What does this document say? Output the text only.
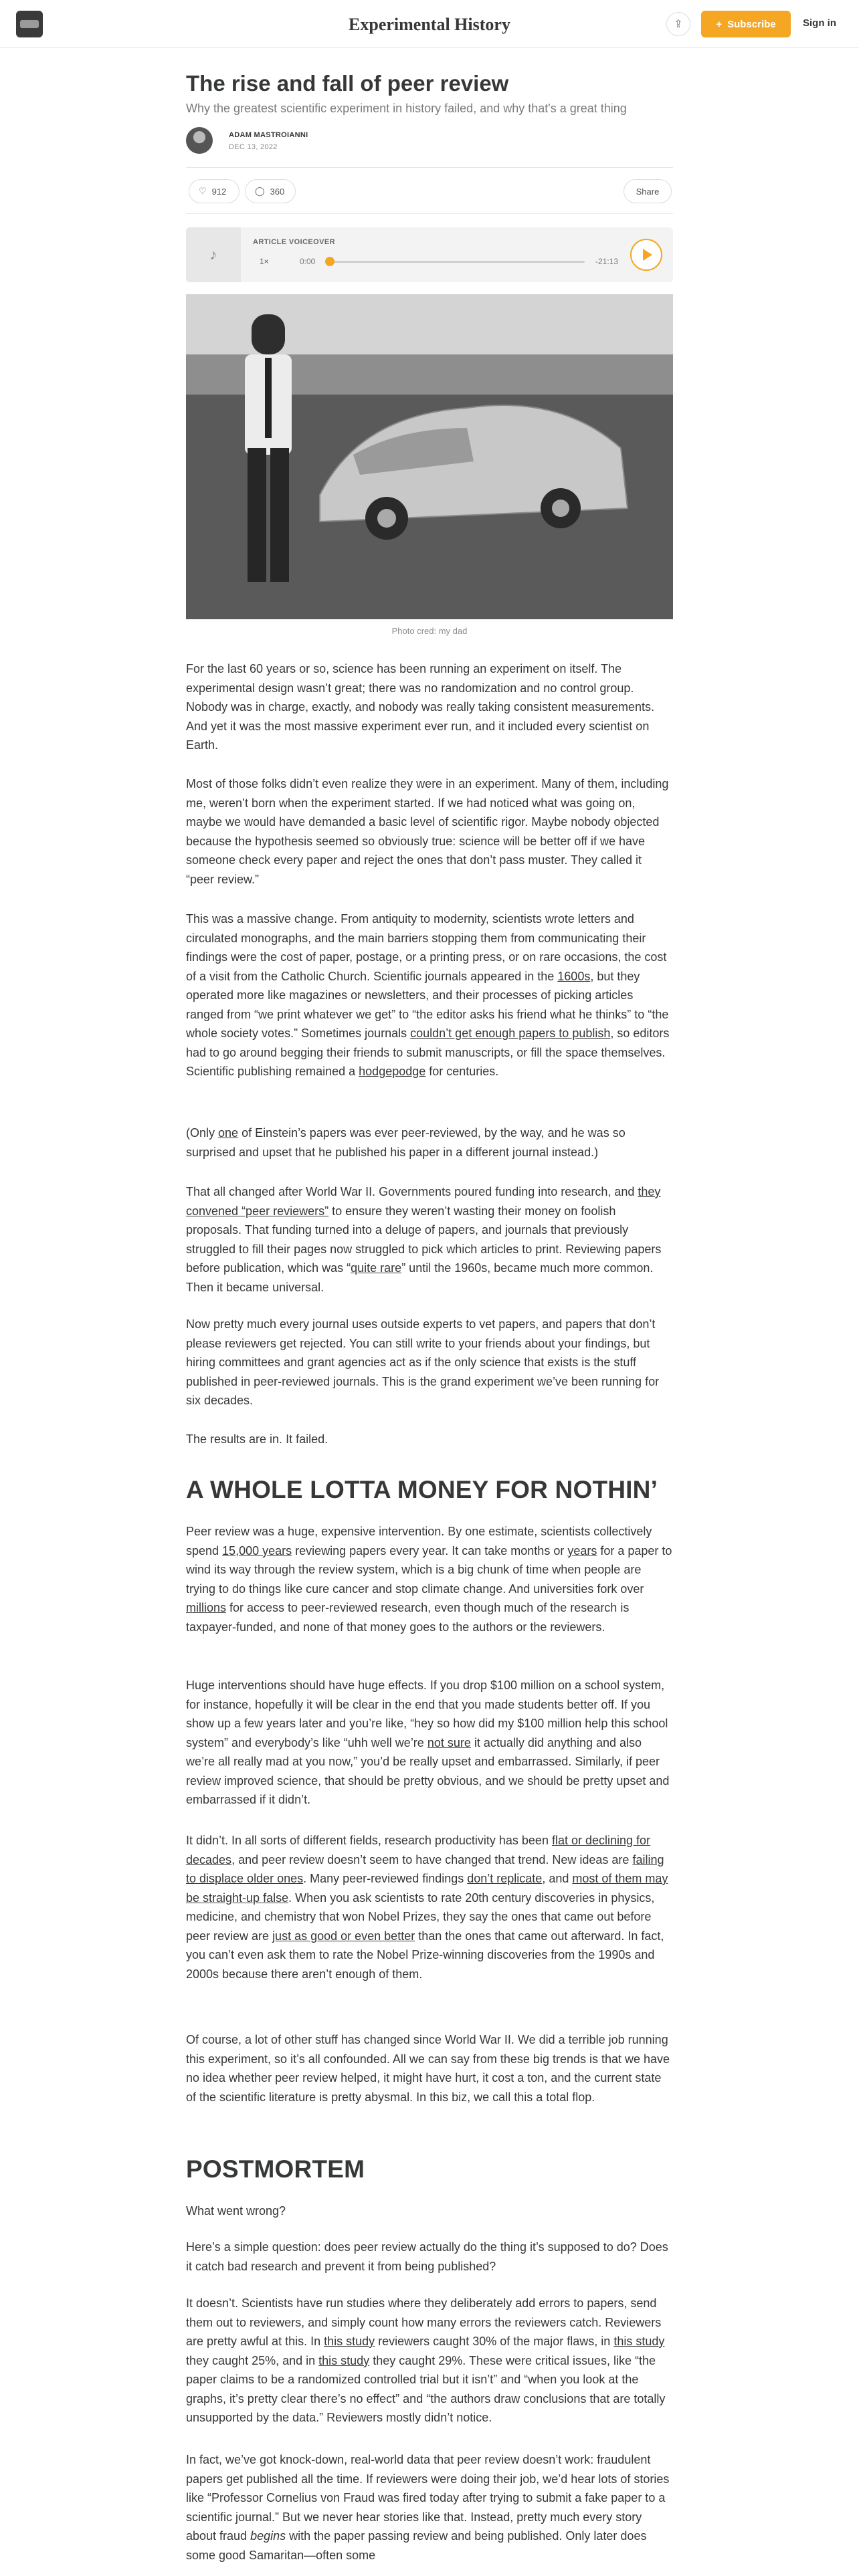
Experimental History	⇪	+ Subscribe	Sign in
The rise and fall of peer review
Why the greatest scientific experiment in history failed, and why that's a great thing
ADAM MASTROIANNI
DEC 13, 2022
♡ 912	◯ 360	Share
♪
ARTICLE VOICEOVER
1×	0:00	-21:13
Photo cred: my dad

For the last 60 years or so, science has been running an experiment on itself. The experimental design wasn’t great; there was no randomization and no control group. Nobody was in charge, exactly, and nobody was really taking consistent measurements. And yet it was the most massive experiment ever run, and it included every scientist on Earth.

Most of those folks didn’t even realize they were in an experiment. Many of them, including me, weren’t born when the experiment started. If we had noticed what was going on, maybe we would have demanded a basic level of scientific rigor. Maybe nobody objected because the hypothesis seemed so obviously true: science will be better off if we have someone check every paper and reject the ones that don’t pass muster. They called it “peer review.”

This was a massive change. From antiquity to modernity, scientists wrote letters and circulated monographs, and the main barriers stopping them from communicating their findings were the cost of paper, postage, or a printing press, or on rare occasions, the cost of a visit from the Catholic Church. Scientific journals appeared in the 1600s, but they operated more like magazines or newsletters, and their processes of picking articles ranged from “we print whatever we get” to “the editor asks his friend what he thinks” to “the whole society votes.” Sometimes journals couldn’t get enough papers to publish, so editors had to go around begging their friends to submit manuscripts, or fill the space themselves. Scientific publishing remained a hodgepodge for centuries.

(Only one of Einstein’s papers was ever peer-reviewed, by the way, and he was so surprised and upset that he published his paper in a different journal instead.)

That all changed after World War II. Governments poured funding into research, and they convened “peer reviewers” to ensure they weren’t wasting their money on foolish proposals. That funding turned into a deluge of papers, and journals that previously struggled to fill their pages now struggled to pick which articles to print. Reviewing papers before publication, which was “quite rare” until the 1960s, became much more common. Then it became universal.

Now pretty much every journal uses outside experts to vet papers, and papers that don’t please reviewers get rejected. You can still write to your friends about your findings, but hiring committees and grant agencies act as if the only science that exists is the stuff published in peer-reviewed journals. This is the grand experiment we’ve been running for six decades.

The results are in. It failed.

A WHOLE LOTTA MONEY FOR NOTHIN’

Peer review was a huge, expensive intervention. By one estimate, scientists collectively spend 15,000 years reviewing papers every year. It can take months or years for a paper to wind its way through the review system, which is a big chunk of time when people are trying to do things like cure cancer and stop climate change. And universities fork over millions for access to peer-reviewed research, even though much of the research is taxpayer-funded, and none of that money goes to the authors or the reviewers.

Huge interventions should have huge effects. If you drop $100 million on a school system, for instance, hopefully it will be clear in the end that you made students better off. If you show up a few years later and you’re like, “hey so how did my $100 million help this school system” and everybody’s like “uhh well we’re not sure it actually did anything and also we’re all really mad at you now,” you’d be really upset and embarrassed. Similarly, if peer review improved science, that should be pretty obvious, and we should be pretty upset and embarrassed if it didn’t.

It didn’t. In all sorts of different fields, research productivity has been flat or declining for decades, and peer review doesn’t seem to have changed that trend. New ideas are failing to displace older ones. Many peer-reviewed findings don’t replicate, and most of them may be straight-up false. When you ask scientists to rate 20th century discoveries in physics, medicine, and chemistry that won Nobel Prizes, they say the ones that came out before peer review are just as good or even better than the ones that came out afterward. In fact, you can’t even ask them to rate the Nobel Prize-winning discoveries from the 1990s and 2000s because there aren’t enough of them.

Of course, a lot of other stuff has changed since World War II. We did a terrible job running this experiment, so it’s all confounded. All we can say from these big trends is that we have no idea whether peer review helped, it might have hurt, it cost a ton, and the current state of the scientific literature is pretty abysmal. In this biz, we call this a total flop.

POSTMORTEM

What went wrong?

Here’s a simple question: does peer review actually do the thing it’s supposed to do? Does it catch bad research and prevent it from being published?

It doesn’t. Scientists have run studies where they deliberately add errors to papers, send them out to reviewers, and simply count how many errors the reviewers catch. Reviewers are pretty awful at this. In this study reviewers caught 30% of the major flaws, in this study they caught 25%, and in this study they caught 29%. These were critical issues, like “the paper claims to be a randomized controlled trial but it isn’t” and “when you look at the graphs, it’s pretty clear there’s no effect” and “the authors draw conclusions that are totally unsupported by the data.” Reviewers mostly didn’t notice.

In fact, we’ve got knock-down, real-world data that peer review doesn’t work: fraudulent papers get published all the time. If reviewers were doing their job, we’d hear lots of stories like “Professor Cornelius von Fraud was fired today after trying to submit a fake paper to a scientific journal.” But we never hear stories like that. Instead, pretty much every story about fraud begins with the paper passing review and being published. Only later does some good Samaritan—often some
